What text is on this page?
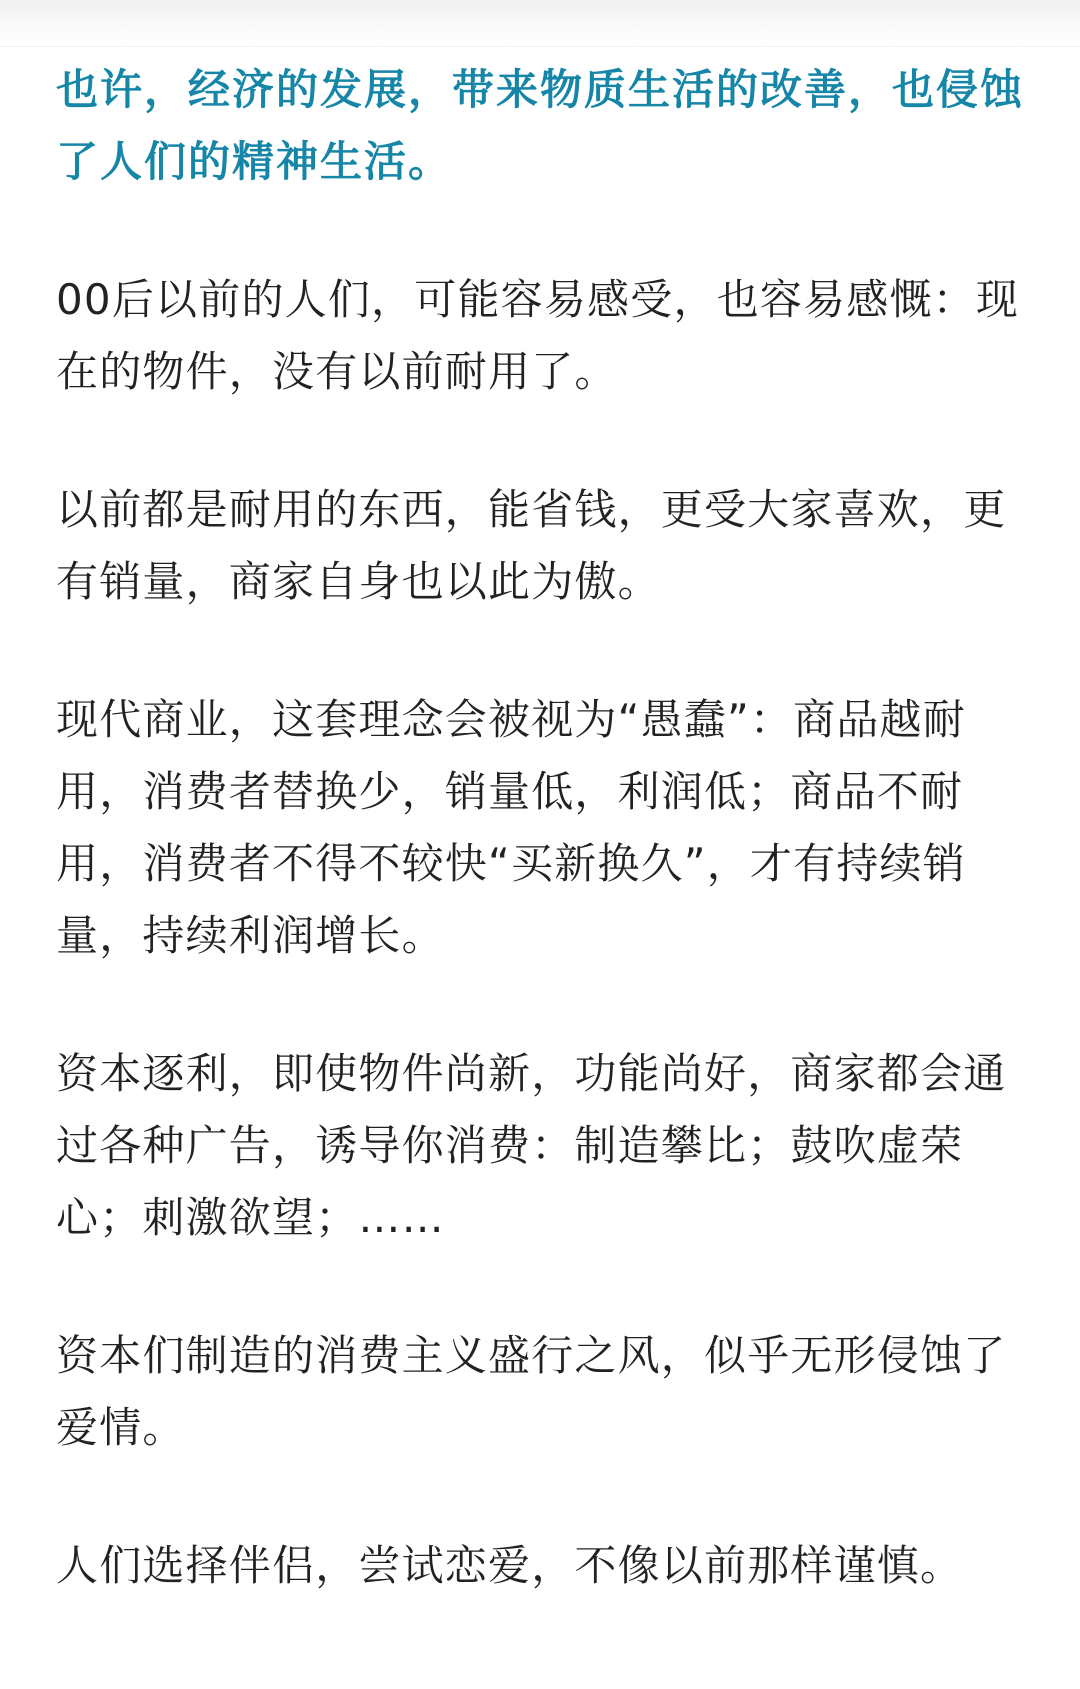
也许，经济的发展，带来物质生活的改善，也侵蚀了人们的精神生活。

00后以前的人们，可能容易感受，也容易感慨：现在的物件，没有以前耐用了。

以前都是耐用的东西，能省钱，更受大家喜欢，更有销量，商家自身也以此为傲。

现代商业，这套理念会被视为“愚蠢”：商品越耐用，消费者替换少，销量低，利润低；商品不耐用，消费者不得不较快“买新换久”，才有持续销量，持续利润增长。

资本逐利，即使物件尚新，功能尚好，商家都会通过各种广告，诱导你消费：制造攀比；鼓吹虚荣心；刺激欲望；……

资本们制造的消费主义盛行之风，似乎无形侵蚀了爱情。

人们选择伴侣，尝试恋爱，不像以前那样谨慎。
